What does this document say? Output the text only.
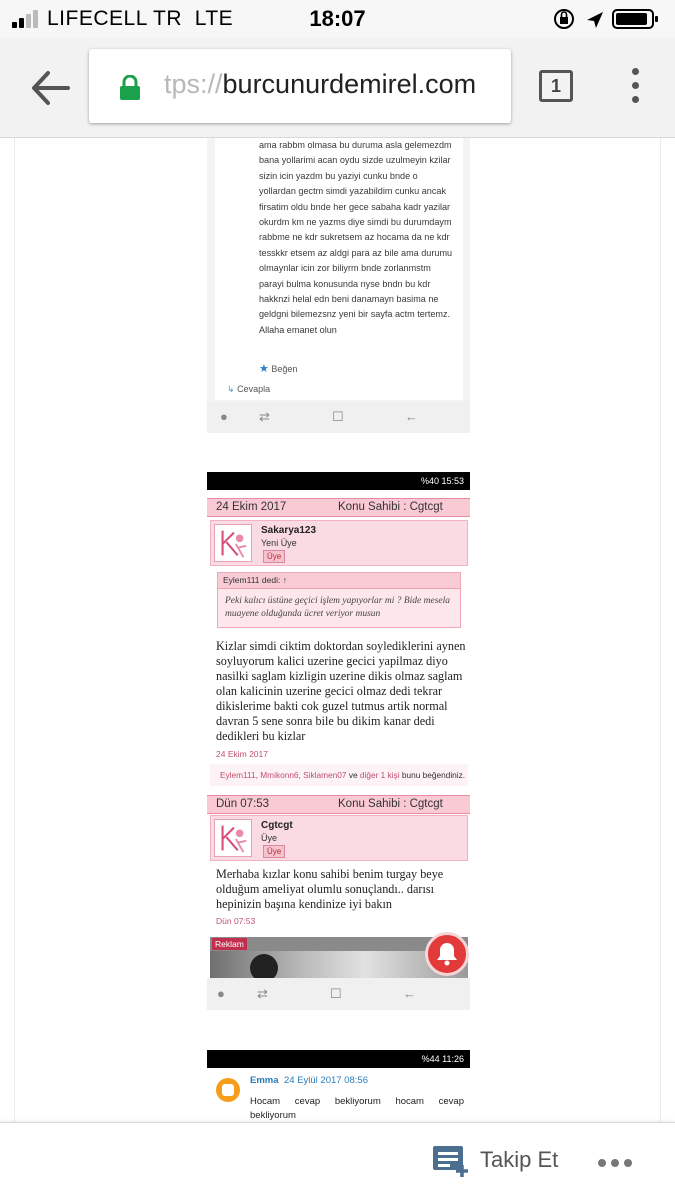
LIFECELL TR LTE	18:07
tps://burcunurdemirel.com	1
ama rabbm olmasa bu duruma asla gelemezdm bana yollarimi acan oydu sizde uzulmeyin kzilar sizin icin yazdm bu yaziyi cunku bnde o yollardan gectm simdi yazabildim cunku ancak firsatim oldu bnde her gece sabaha kadr yazilar okurdm km ne yazms diye simdi bu durumdaym rabbme ne kdr sukretsem az hocama da ne kdr tesskkr etsem az aldgi para az bile ama durumu olmaynlar icin zor biliyrm bnde zorlanmstm parayi bulma konusunda nyse bndn bu kdr hakknzi helal edn beni danamayn basima ne geldgni bilemezsnz yeni bir sayfa actm tertemz. Allaha emanet olun
★ Beğen
↳ Cevapla
● ⇄	☐	←
%40 15:53
24 Ekim 2017	Konu Sahibi : Cgtcgt
Sakarya123
Yeni Üye
Üye
Eylem111 dedi: ↑
Peki kalıcı üstüne geçici işlem yapıyorlar mi ? Bide mesela muayene olduğunda ücret veriyor musun
Kizlar simdi ciktim doktordan soylediklerini aynen soyluyorum kalici uzerine gecici yapilmaz diyo nasilki saglam kizligin uzerine dikis olmaz saglam olan kalicinin uzerine gecici olmaz dedi tekrar dikislerime bakti cok guzel tutmus artik normal davran 5 sene sonra bile bu dikim kanar dedi dedikleri bu kizlar
24 Ekim 2017
Eylem111, Mmikonn6, Siklamen07 ve diğer 1 kişi bunu beğendiniz.
Dün 07:53	Konu Sahibi : Cgtcgt
Cgtcgt
Üye
Üye
Merhaba kızlar konu sahibi benim turgay beye olduğum ameliyat olumlu sonuçlandı.. darısı hepinizin başına kendinize iyi bakın
Dün 07:53
Reklam
● ⇄	☐	←
%44 11:26
Emma 24 Eylül 2017 08:56
Hocam cevap bekliyorum hocam cevap bekliyorum
Takip Et
